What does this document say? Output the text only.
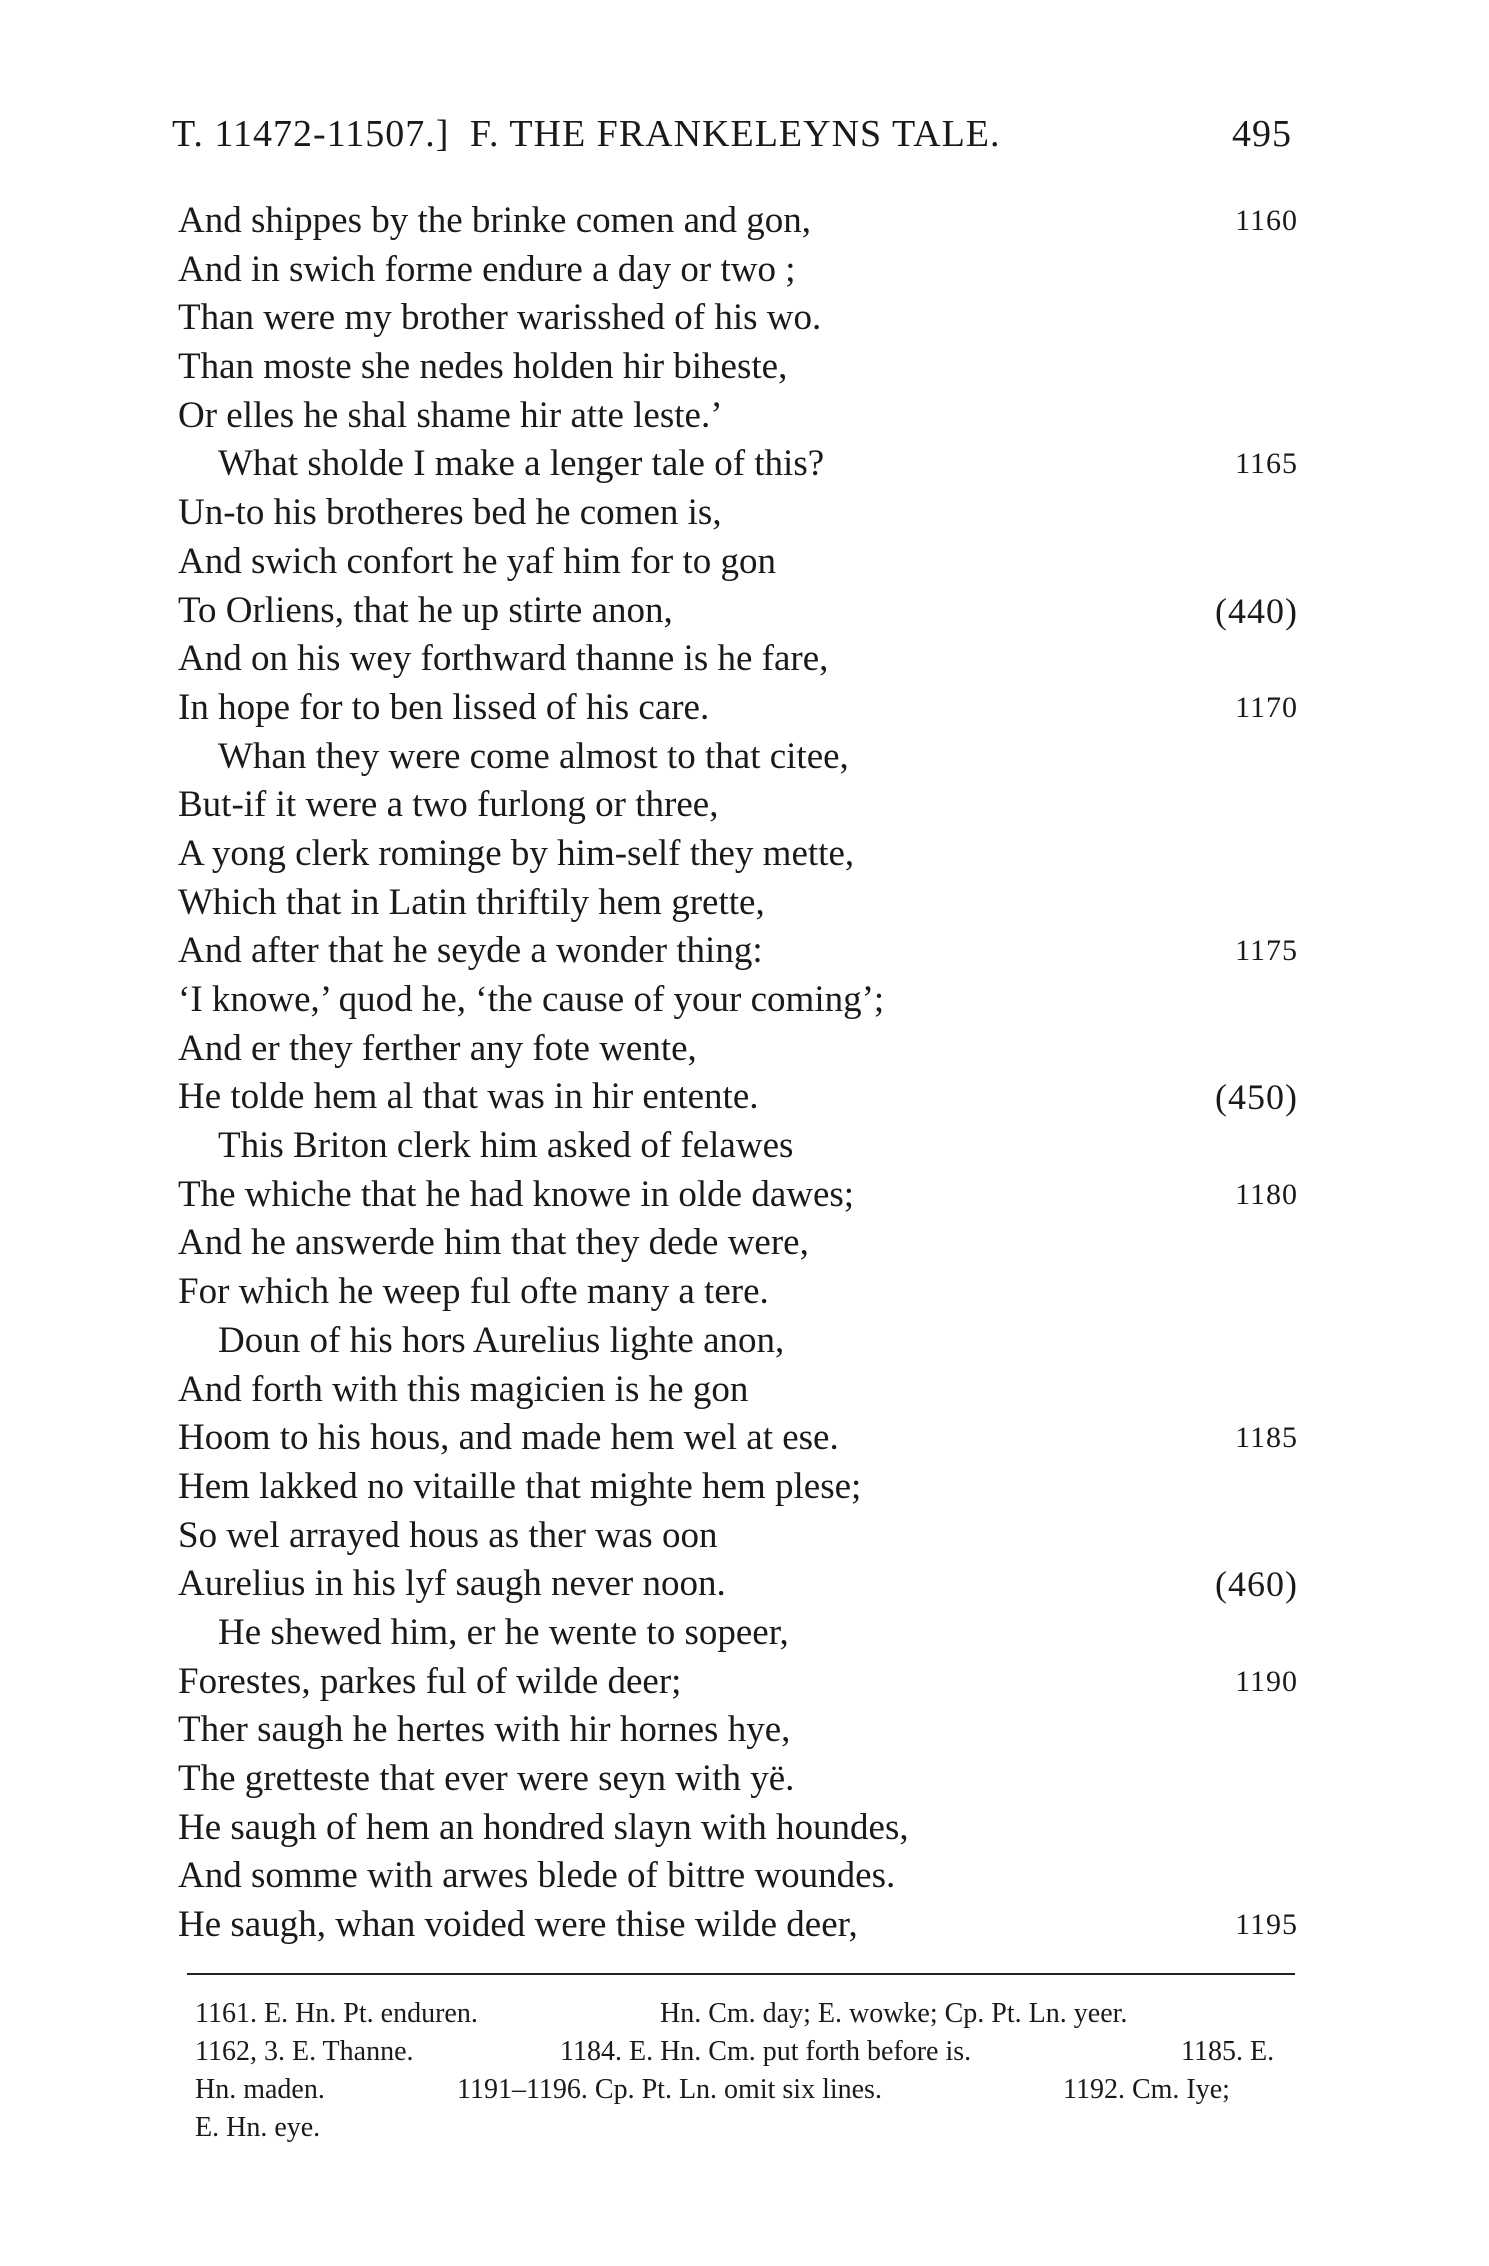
T. 11472-11507.] F. THE FRANKELEYNS TALE.	495
And shippes by the brinke comen and gon,	1160
And in swich forme endure a day or two ;
Than were my brother warisshed of his wo.
Than moste she nedes holden hir biheste,
Or elles he shal shame hir atte leste.’
What sholde I make a lenger tale of this?	1165
Un-to his brotheres bed he comen is,
And swich confort he yaf him for to gon
To Orliens, that he up stirte anon,	(440)
And on his wey forthward thanne is he fare,
In hope for to ben lissed of his care.	1170
Whan they were come almost to that citee,
But-if it were a two furlong or three,
A yong clerk rominge by him-self they mette,
Which that in Latin thriftily hem grette,
And after that he seyde a wonder thing:	1175
‘I knowe,’ quod he, ‘the cause of your coming’;
And er they ferther any fote wente,
He tolde hem al that was in hir entente.	(450)
This Briton clerk him asked of felawes
The whiche that he had knowe in olde dawes;	1180
And he answerde him that they dede were,
For which he weep ful ofte many a tere.
Doun of his hors Aurelius lighte anon,
And forth with this magicien is he gon
Hoom to his hous, and made hem wel at ese.	1185
Hem lakked no vitaille that mighte hem plese;
So wel arrayed hous as ther was oon
Aurelius in his lyf saugh never noon.	(460)
He shewed him, er he wente to sopeer,
Forestes, parkes ful of wilde deer;	1190
Ther saugh he hertes with hir hornes hye,
The gretteste that ever were seyn with yë.
He saugh of hem an hondred slayn with houndes,
And somme with arwes blede of bittre woundes.
He saugh, whan voided were thise wilde deer,	1195
1161. E. Hn. Pt. enduren.	Hn. Cm. day; E. wowke; Cp. Pt. Ln. yeer.
1162, 3. E. Thanne.	1184. E. Hn. Cm. put forth before is.	1185. E.
Hn. maden.	1191–1196. Cp. Pt. Ln. omit six lines.	1192. Cm. Iye;
E. Hn. eye.
